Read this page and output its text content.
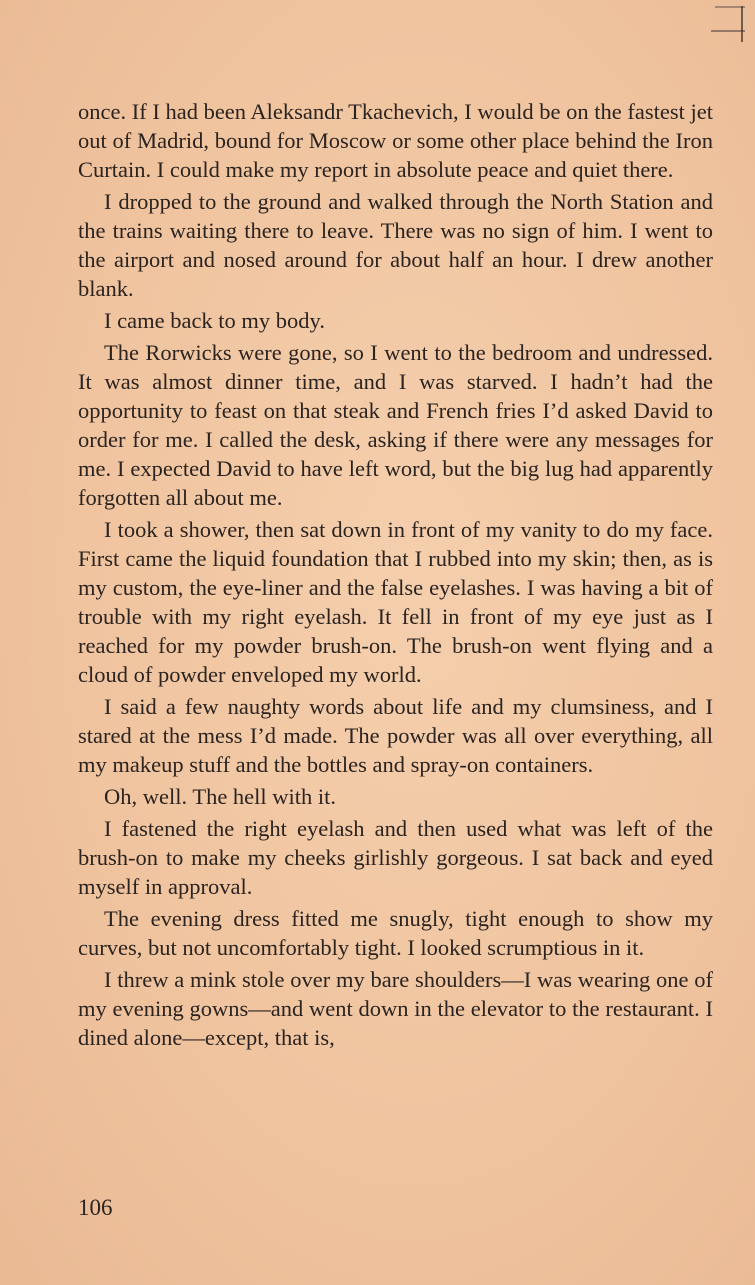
once. If I had been Aleksandr Tkachevich, I would be on the fastest jet out of Madrid, bound for Moscow or some other place behind the Iron Curtain. I could make my report in absolute peace and quiet there.

I dropped to the ground and walked through the North Station and the trains waiting there to leave. There was no sign of him. I went to the airport and nosed around for about half an hour. I drew another blank.

I came back to my body.

The Rorwicks were gone, so I went to the bedroom and undressed. It was almost dinner time, and I was starved. I hadn’t had the opportunity to feast on that steak and French fries I’d asked David to order for me. I called the desk, asking if there were any messages for me. I expected David to have left word, but the big lug had apparently forgotten all about me.

I took a shower, then sat down in front of my vanity to do my face. First came the liquid foundation that I rubbed into my skin; then, as is my custom, the eye-liner and the false eyelashes. I was having a bit of trouble with my right eyelash. It fell in front of my eye just as I reached for my powder brush-on. The brush-on went flying and a cloud of powder enveloped my world.

I said a few naughty words about life and my clumsiness, and I stared at the mess I’d made. The powder was all over everything, all my makeup stuff and the bottles and spray-on containers.

Oh, well. The hell with it.

I fastened the right eyelash and then used what was left of the brush-on to make my cheeks girlishly gorgeous. I sat back and eyed myself in approval.

The evening dress fitted me snugly, tight enough to show my curves, but not uncomfortably tight. I looked scrumptious in it.

I threw a mink stole over my bare shoulders—I was wearing one of my evening gowns—and went down in the elevator to the restaurant. I dined alone—except, that is,

106
